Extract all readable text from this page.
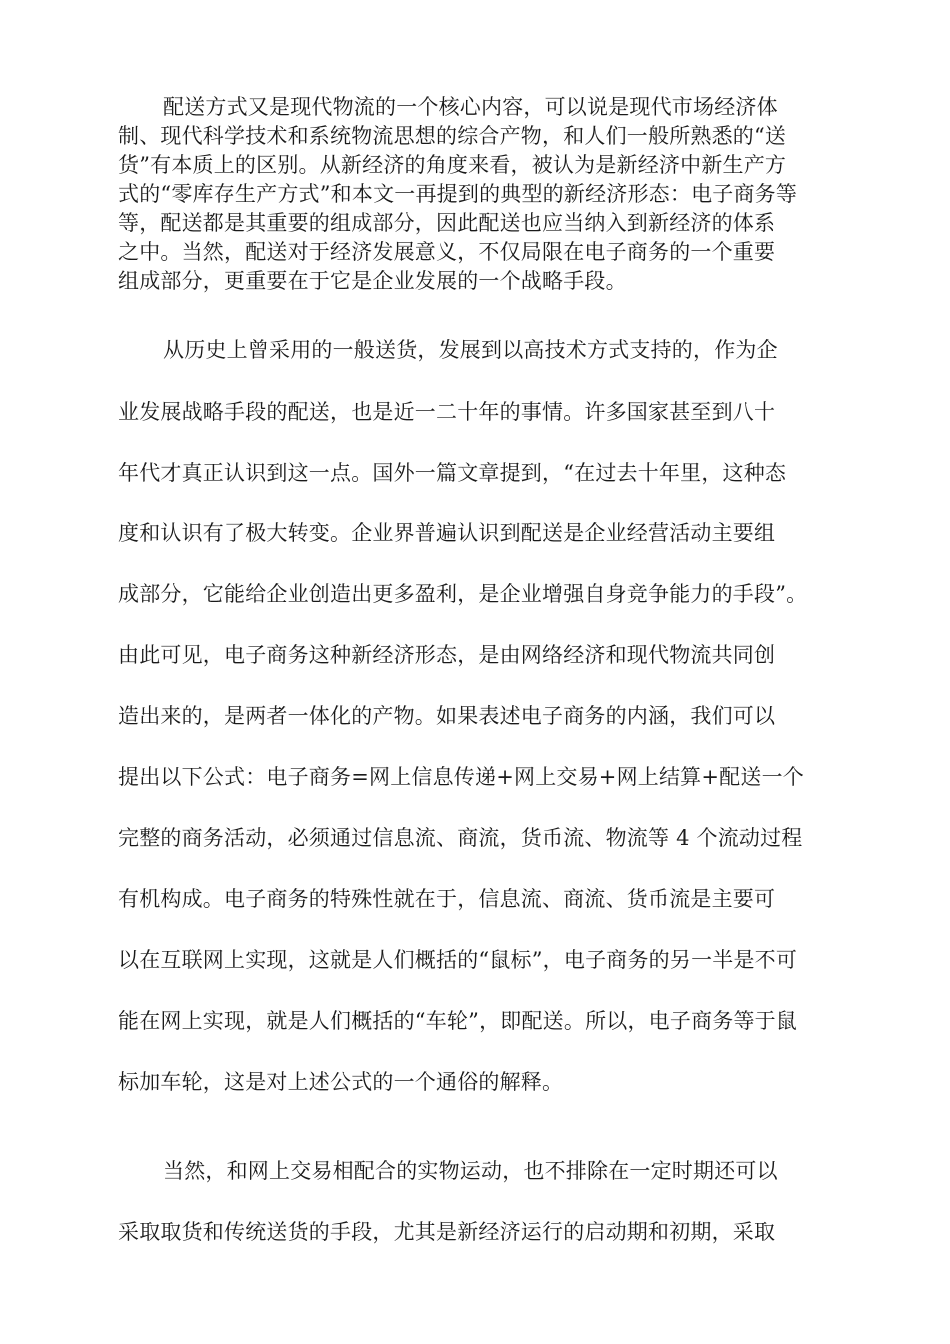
配送方式又是现代物流的一个核心内容，可以说是现代市场经济体
制、现代科学技术和系统物流思想的综合产物，和人们一般所熟悉的“送
货”有本质上的区别。从新经济的角度来看，被认为是新经济中新生产方
式的“零库存生产方式”和本文一再提到的典型的新经济形态：电子商务等
等，配送都是其重要的组成部分，因此配送也应当纳入到新经济的体系
之中。当然，配送对于经济发展意义，不仅局限在电子商务的一个重要
组成部分，更重要在于它是企业发展的一个战略手段。
从历史上曾采用的一般送货，发展到以高技术方式支持的，作为企
业发展战略手段的配送，也是近一二十年的事情。许多国家甚至到八十
年代才真正认识到这一点。国外一篇文章提到，“在过去十年里，这种态
度和认识有了极大转变。企业界普遍认识到配送是企业经营活动主要组
成部分，它能给企业创造出更多盈利，是企业增强自身竞争能力的手段”。
由此可见，电子商务这种新经济形态，是由网络经济和现代物流共同创
造出来的，是两者一体化的产物。如果表述电子商务的内涵，我们可以
提出以下公式：电子商务=网上信息传递+网上交易+网上结算+配送一个
完整的商务活动，必须通过信息流、商流，货币流、物流等 4 个流动过程
有机构成。电子商务的特殊性就在于，信息流、商流、货币流是主要可
以在互联网上实现，这就是人们概括的“鼠标”，电子商务的另一半是不可
能在网上实现，就是人们概括的“车轮”，即配送。所以，电子商务等于鼠
标加车轮，这是对上述公式的一个通俗的解释。
当然，和网上交易相配合的实物运动，也不排除在一定时期还可以
采取取货和传统送货的手段，尤其是新经济运行的启动期和初期，采取
